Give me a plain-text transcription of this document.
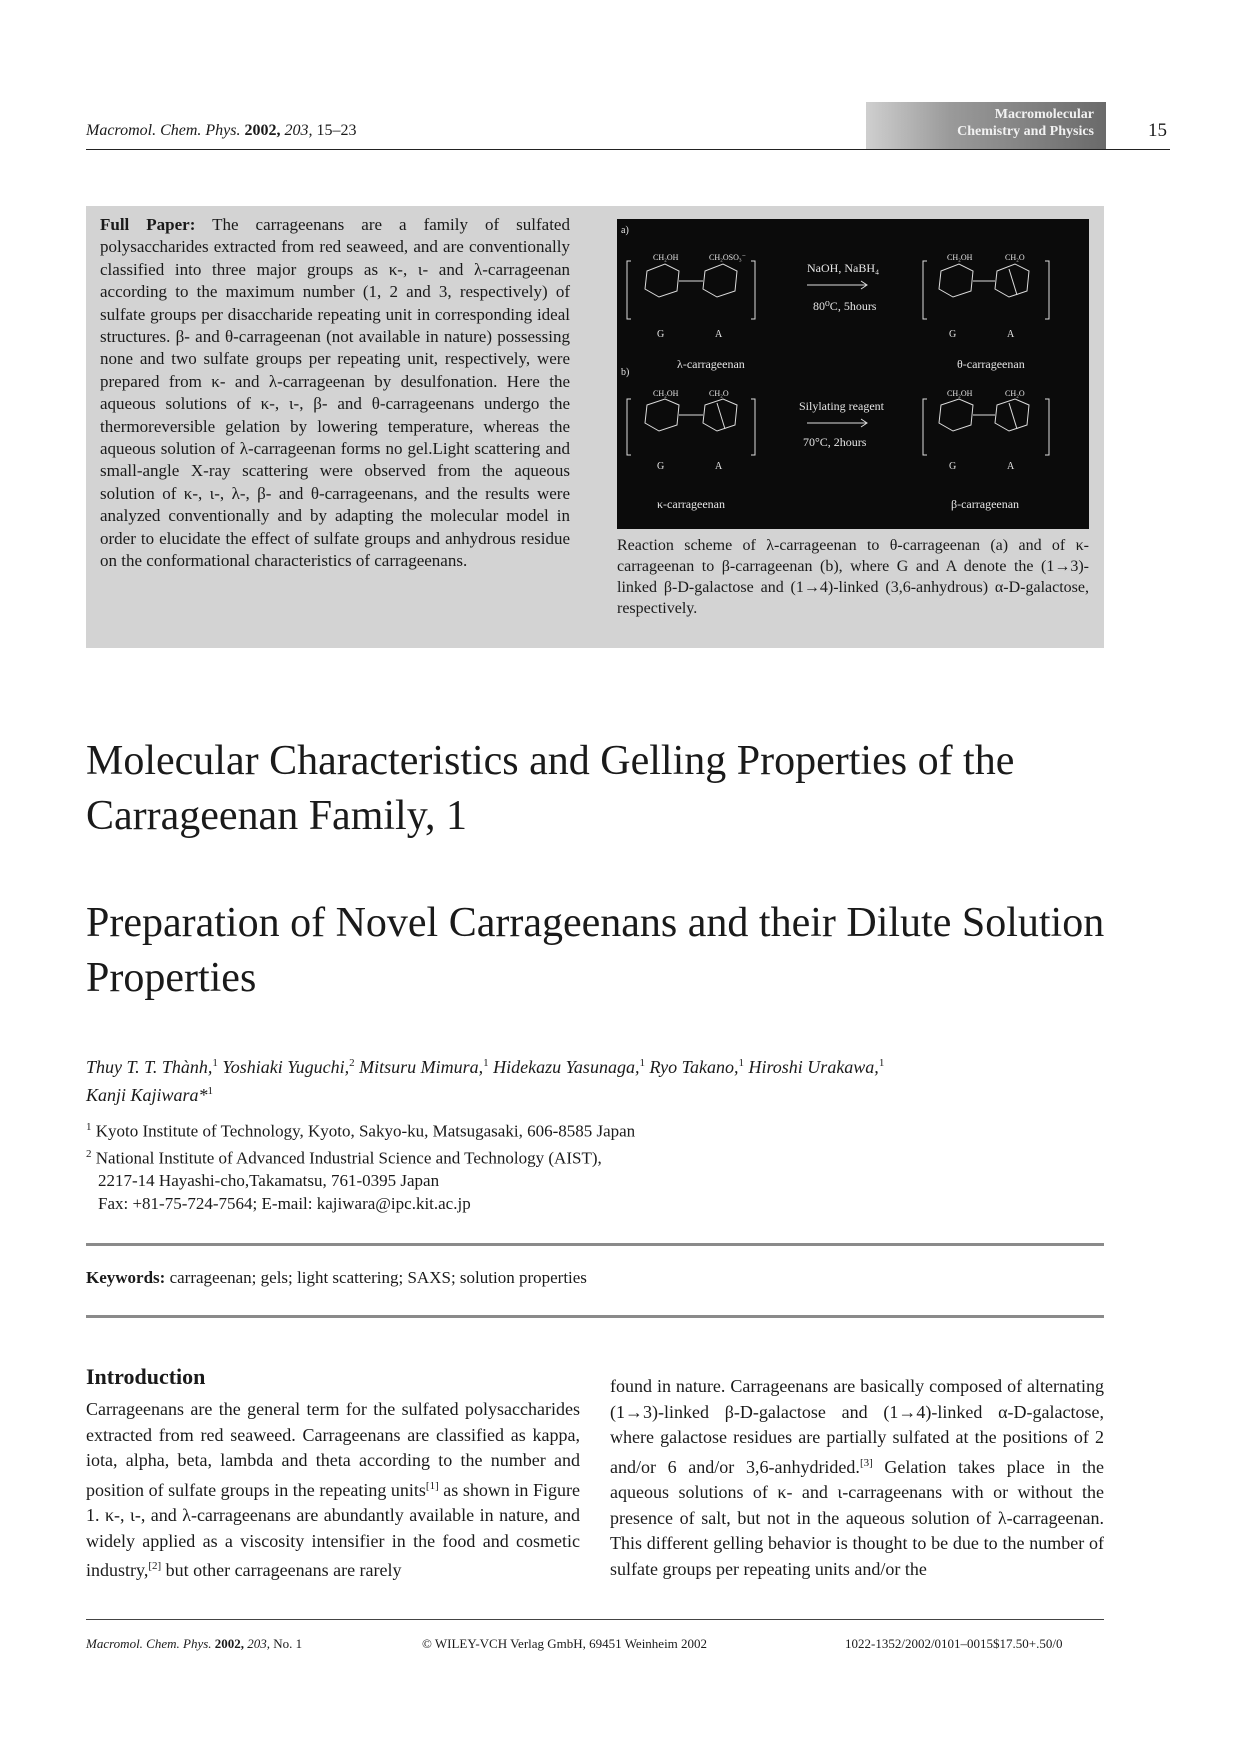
Macromol. Chem. Phys. 2002, 203, 15–23
Macromolecular
Chemistry and Physics	15
Full Paper: The carrageenans are a family of sulfated polysaccharides extracted from red seaweed, and are conventionally classified into three major groups as κ-, ι- and λ-carrageenan according to the maximum number (1, 2 and 3, respectively) of sulfate groups per disaccharide repeating unit in corresponding ideal structures. β- and θ-carrageenan (not available in nature) possessing none and two sulfate groups per repeating unit, respectively, were prepared from κ- and λ-carrageenan by desulfonation. Here the aqueous solutions of κ-, ι-, β- and θ-carrageenans undergo the thermoreversible gelation by lowering temperature, whereas the aqueous solution of λ-carrageenan forms no gel.Light scattering and small-angle X-ray scattering were observed from the aqueous solution of κ-, ι-, λ-, β- and θ-carrageenans, and the results were analyzed conventionally and by adapting the molecular model in order to elucidate the effect of sulfate groups and anhydrous residue on the conformational characteristics of carrageenans.
a)
b)
CH₂OH	CH₂OSO₃⁻	CH₂OH	CH₂O
CH₂OH	CH₂O	CH₂OH	CH₂O
G	A	G	A
G	A	G	A
NaOH, NaBH₄
80⁰C, 5hours
Silylating reagent
70°C, 2hours
λ-carrageenan	θ-carrageenan
κ-carrageenan	β-carrageenan
Reaction scheme of λ-carrageenan to θ-carrageenan (a) and of κ-carrageenan to β-carrageenan (b), where G and A denote the (1→3)-linked β-D-galactose and (1→4)-linked (3,6-anhydrous) α-D-galactose, respectively.
Molecular Characteristics and Gelling Properties of the Carrageenan Family, 1
Preparation of Novel Carrageenans and their Dilute Solution Properties
Thuy T. T. Thành,$^1$ Yoshiaki Yuguchi,$^2$ Mitsuru Mimura,$^1$ Hidekazu Yasunaga,$^1$ Ryo Takano,$^1$ Hiroshi Urakawa,$^1$
Kanji Kajiwara*$^1$
$^1$ Kyoto Institute of Technology, Kyoto, Sakyo-ku, Matsugasaki, 606-8585 Japan
$^2$ National Institute of Advanced Industrial Science and Technology (AIST),
2217-14 Hayashi-cho,Takamatsu, 761-0395 Japan
Fax: +81-75-724-7564; E-mail: kajiwara@ipc.kit.ac.jp
Keywords: carrageenan; gels; light scattering; SAXS; solution properties
Introduction
Carrageenans are the general term for the sulfated polysaccharides extracted from red seaweed. Carrageenans are classified as kappa, iota, alpha, beta, lambda and theta according to the number and position of sulfate groups in the repeating units[1] as shown in Figure 1. κ-, ι-, and λ-carrageenans are abundantly available in nature, and widely applied as a viscosity intensifier in the food and cosmetic industry,[2] but other carrageenans are rarely
found in nature. Carrageenans are basically composed of alternating (1→3)-linked β-D-galactose and (1→4)-linked α-D-galactose, where galactose residues are partially sulfated at the positions of 2 and/or 6 and/or 3,6-anhydrided.[3] Gelation takes place in the aqueous solutions of κ- and ι-carrageenans with or without the presence of salt, but not in the aqueous solution of λ-carrageenan. This different gelling behavior is thought to be due to the number of sulfate groups per repeating units and/or the
Macromol. Chem. Phys. 2002, 203, No. 1	© WILEY-VCH Verlag GmbH, 69451 Weinheim 2002	1022-1352/2002/0101–0015$17.50+.50/0
